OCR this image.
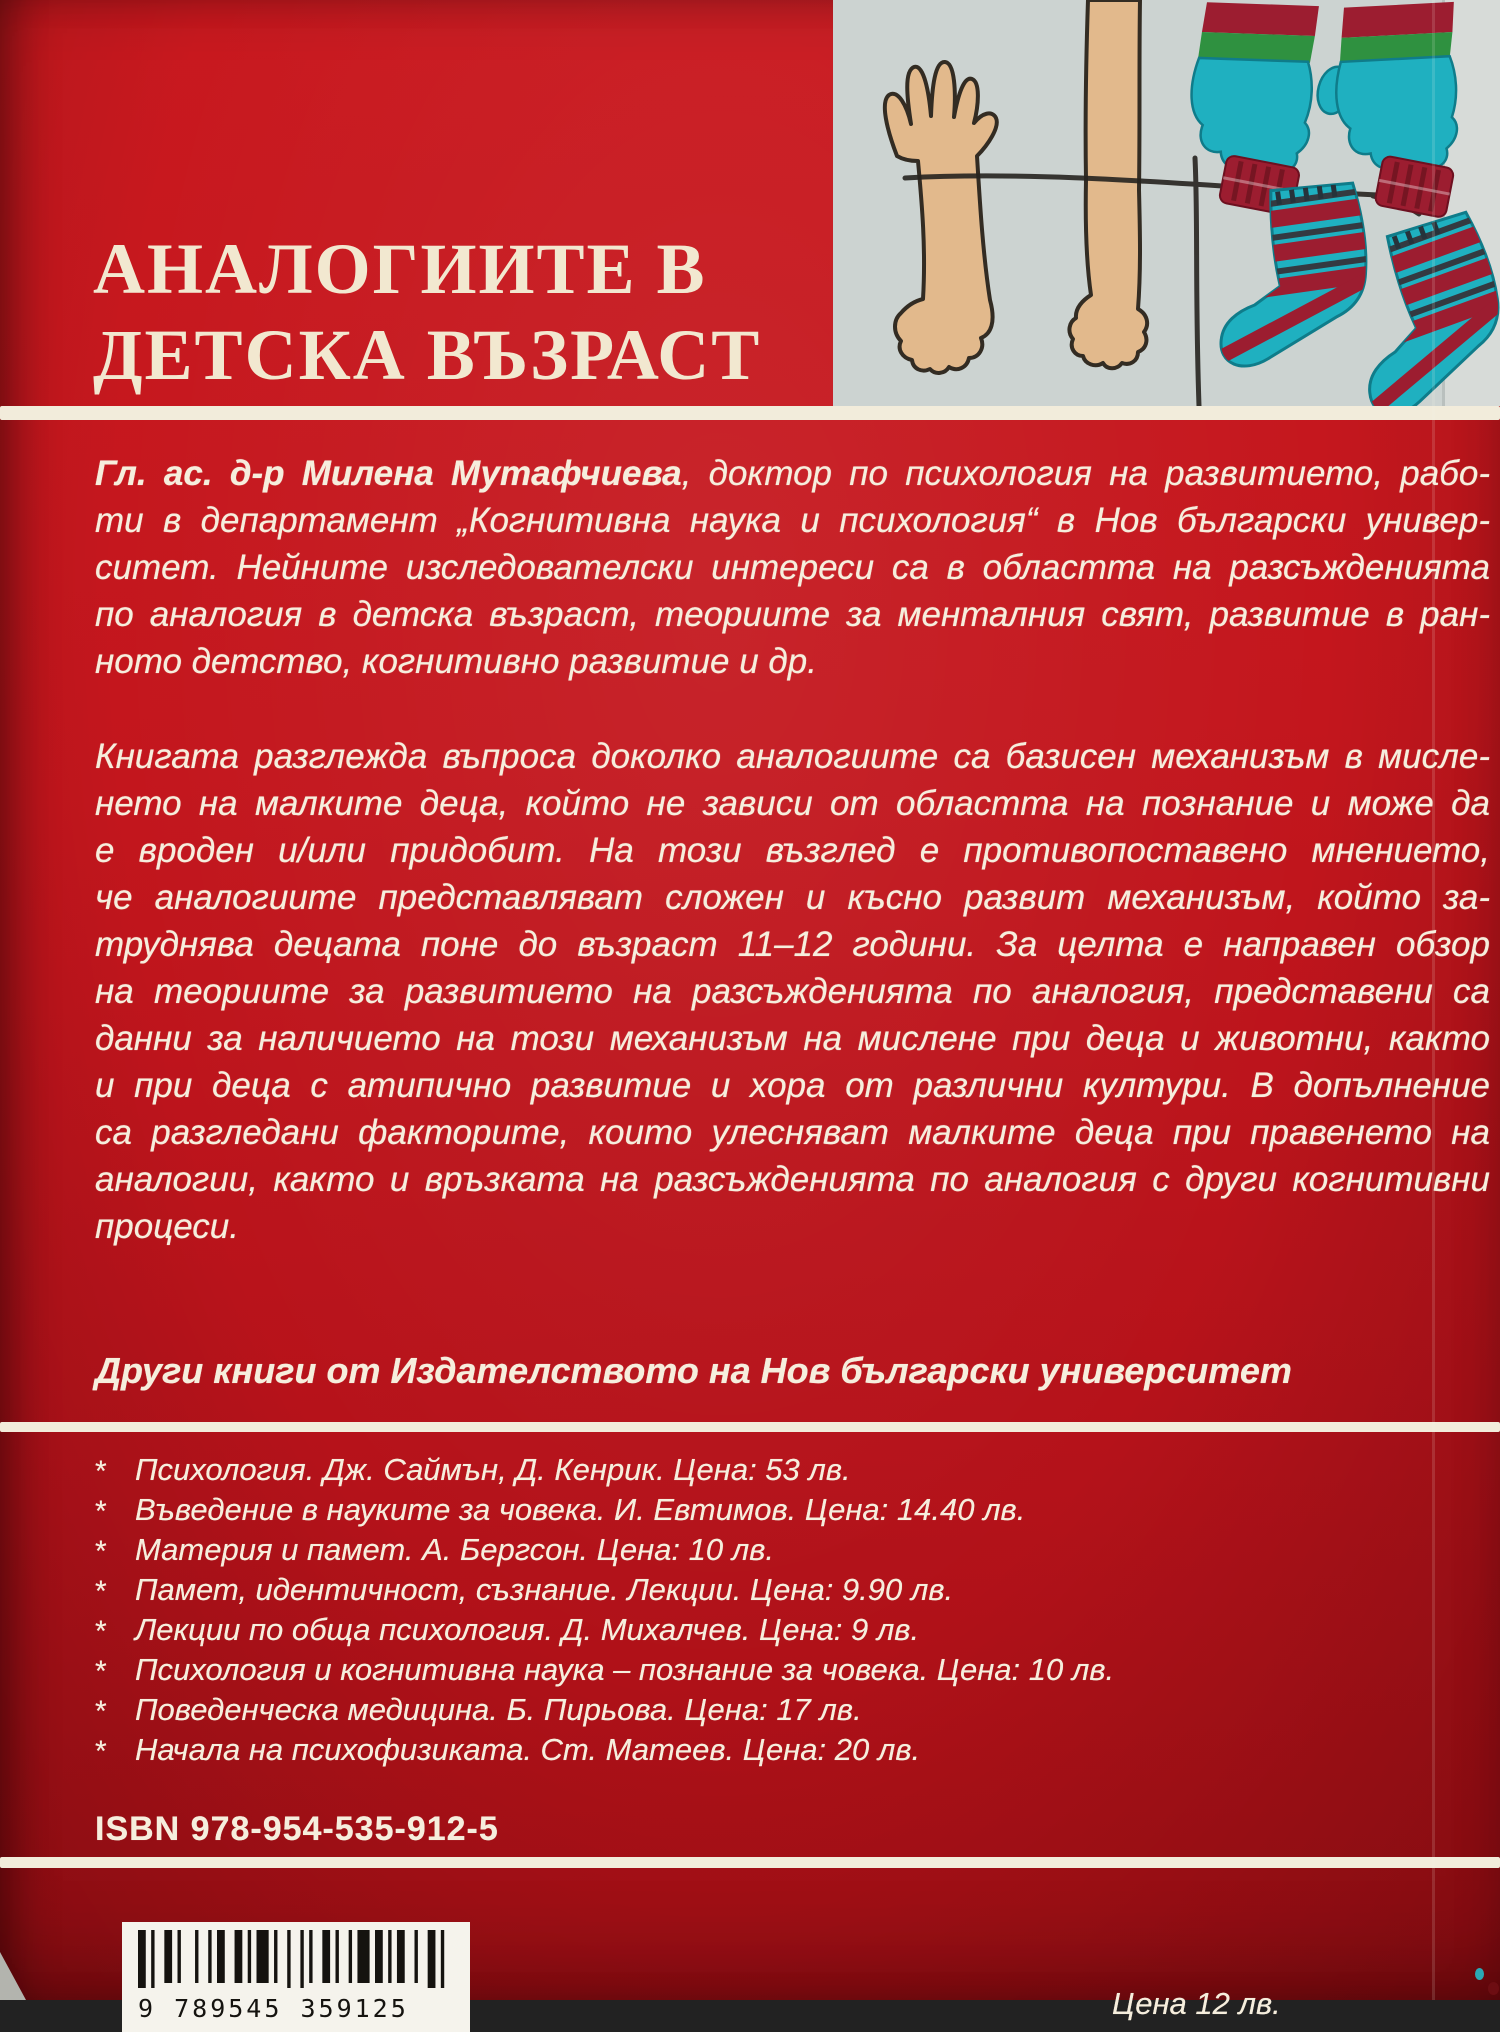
АНАЛОГИИТЕ В
ДЕТСКА ВЪЗРАСТ
Гл. ас. д-р Милена Мутафчиева, доктор по психология на развитието, рабо-
ти в департамент „Когнитивна наука и психология“ в Нов български универ-
ситет. Нейните изследователски интереси са в областта на разсъжденията
по аналогия в детска възраст, теориите за менталния свят, развитие в ран-
ното детство, когнитивно развитие и др.
Книгата разглежда въпроса доколко аналогиите са базисен механизъм в мисле-
нето на малките деца, който не зависи от областта на познание и може да
е вроден и/или придобит. На този възглед е противопоставено мнението,
че аналогиите представляват сложен и късно развит механизъм, който за-
труднява децата поне до възраст 11–12 години. За целта е направен обзор
на теориите за развитието на разсъжденията по аналогия, представени са
данни за наличието на този механизъм на мислене при деца и животни, както
и при деца с атипично развитие и хора от различни култури. В допълнение
са разгледани факторите, които улесняват малките деца при правенето на
аналогии, както и връзката на разсъжденията по аналогия с други когнитивни
процеси.
Други книги от Издателството на Нов български университет
* Психология. Дж. Саймън, Д. Кенрик. Цена: 53 лв.
* Въведение в науките за човека. И. Евтимов. Цена: 14.40 лв.
* Материя и памет. А. Бергсон. Цена: 10 лв.
* Памет, идентичност, съзнание. Лекции. Цена: 9.90 лв.
* Лекции по обща психология. Д. Михалчев. Цена: 9 лв.
* Психология и когнитивна наука – познание за човека. Цена: 10 лв.
* Поведенческа медицина. Б. Пирьова. Цена: 17 лв.
* Начала на психофизиката. Ст. Матеев. Цена: 20 лв.
ISBN 978-954-535-912-5
9 789545 359125	Цена 12 лв.
